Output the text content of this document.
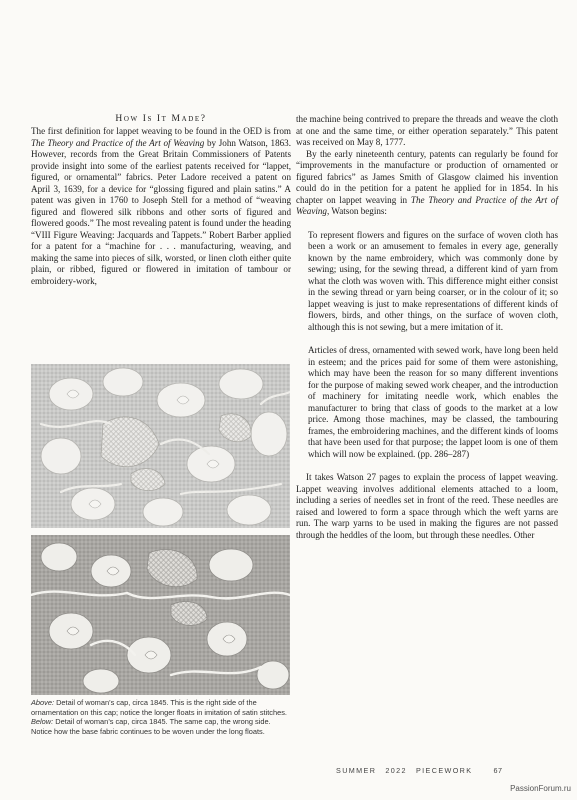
How Is It Made?

The first definition for lappet weaving to be found in the OED is from The Theory and Practice of the Art of Weaving by John Watson, 1863. However, records from the Great Britain Commissioners of Patents provide insight into some of the earliest patents received for “lappet, figured, or ornamental” fabrics. Peter Ladore received a patent on April 3, 1639, for a device for “glossing figured and plain satins.” A patent was given in 1760 to Joseph Stell for a method of “weaving figured and flowered silk ribbons and other sorts of figured and flowered goods.” The most revealing patent is found under the heading “VIII Figure Weaving: Jacquards and Tappets.” Robert Barber applied for a patent for a “machine for . . . manufacturing, weaving, and making the same into pieces of silk, worsted, or linen cloth either quite plain, or ribbed, figured or flowered in imitation of tambour or embroidery-work,

Above: Detail of woman’s cap, circa 1845. This is the right side of the ornamentation on this cap; notice the longer floats in imitation of satin stitches. Below: Detail of woman’s cap, circa 1845. The same cap, the wrong side. Notice how the base fabric continues to be woven under the long floats.

the machine being contrived to prepare the threads and weave the cloth at one and the same time, or either operation separately.” This patent was received on May 8, 1777.

By the early nineteenth century, patents can regularly be found for “improvements in the manufacture or production of ornamented or figured fabrics” as James Smith of Glasgow claimed his invention could do in the petition for a patent he applied for in 1854. In his chapter on lappet weaving in The Theory and Practice of the Art of Weaving, Watson begins:

To represent flowers and figures on the surface of woven cloth has been a work or an amusement to females in every age, generally known by the name embroidery, which was commonly done by sewing; using, for the sewing thread, a different kind of yarn from what the cloth was woven with. This difference might either consist in the sewing thread or yarn being coarser, or in the colour of it; so lappet weaving is just to make representations of different kinds of flowers, birds, and other things, on the surface of woven cloth, although this is not sewing, but a mere imitation of it.

Articles of dress, ornamented with sewed work, have long been held in esteem; and the prices paid for some of them were astonishing, which may have been the reason for so many different inventions for the purpose of making sewed work cheaper, and the introduction of machinery for imitating needle work, which enables the manufacturer to bring that class of goods to the market at a low price. Among those machines, may be classed, the tambouring frames, the embroidering machines, and the different kinds of looms that have been used for that purpose; the lappet loom is one of them which will now be explained. (pp. 286–287)

It takes Watson 27 pages to explain the process of lappet weaving. Lappet weaving involves additional elements attached to a loom, including a series of needles set in front of the reed. These needles are raised and lowered to form a space through which the weft yarns are run. The warp yarns to be used in making the figures are not passed through the heddles of the loom, but through these needles. Other

SUMMER 2022 PIECEWORK	67
PassionForum.ru
